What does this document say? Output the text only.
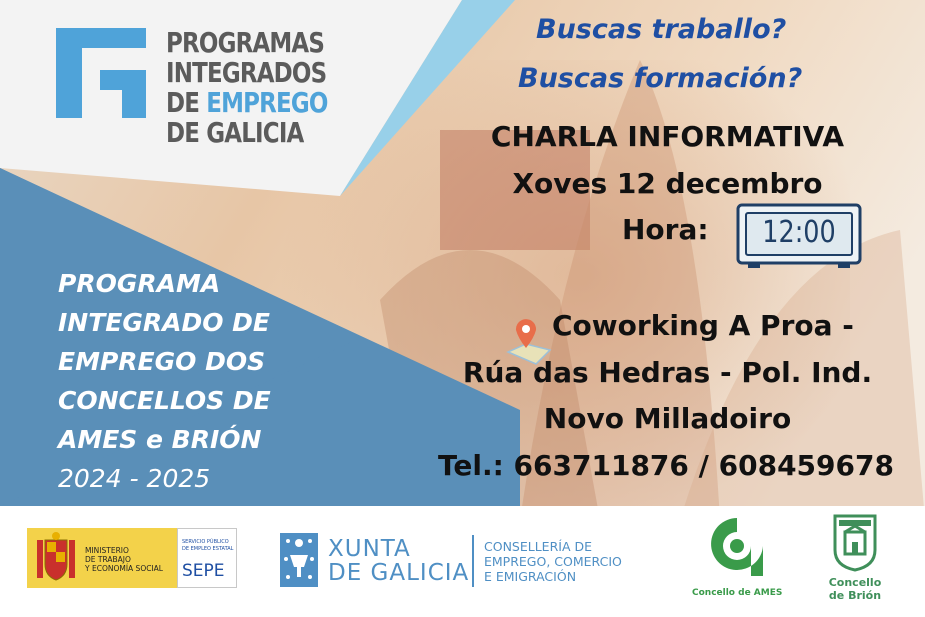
PROGRAMAS
INTEGRADOS
DE EMPREGO
DE GALICIA
Buscas traballo?
Buscas formación?
CHARLA INFORMATIVA
Xoves 12 decembro
Hora: 12:00
Coworking A Proa -
Rúa das Hedras - Pol. Ind.
Novo Milladoiro
Tel.: 663711876 / 608459678
PROGRAMA
INTEGRADO DE
EMPREGO DOS
CONCELLOS DE
AMES e BRIÓN
2024 - 2025
MINISTERIO
DE TRABAJO
Y ECONOMÍA SOCIAL
SERVICIO PÚBLICO
DE EMPLEO ESTATAL
SEPE
XUNTA
DE GALICIA
CONSELLERÍA DE
EMPREGO, COMERCIO
E EMIGRACIÓN
Concello de AMES
Concello
de Brión
